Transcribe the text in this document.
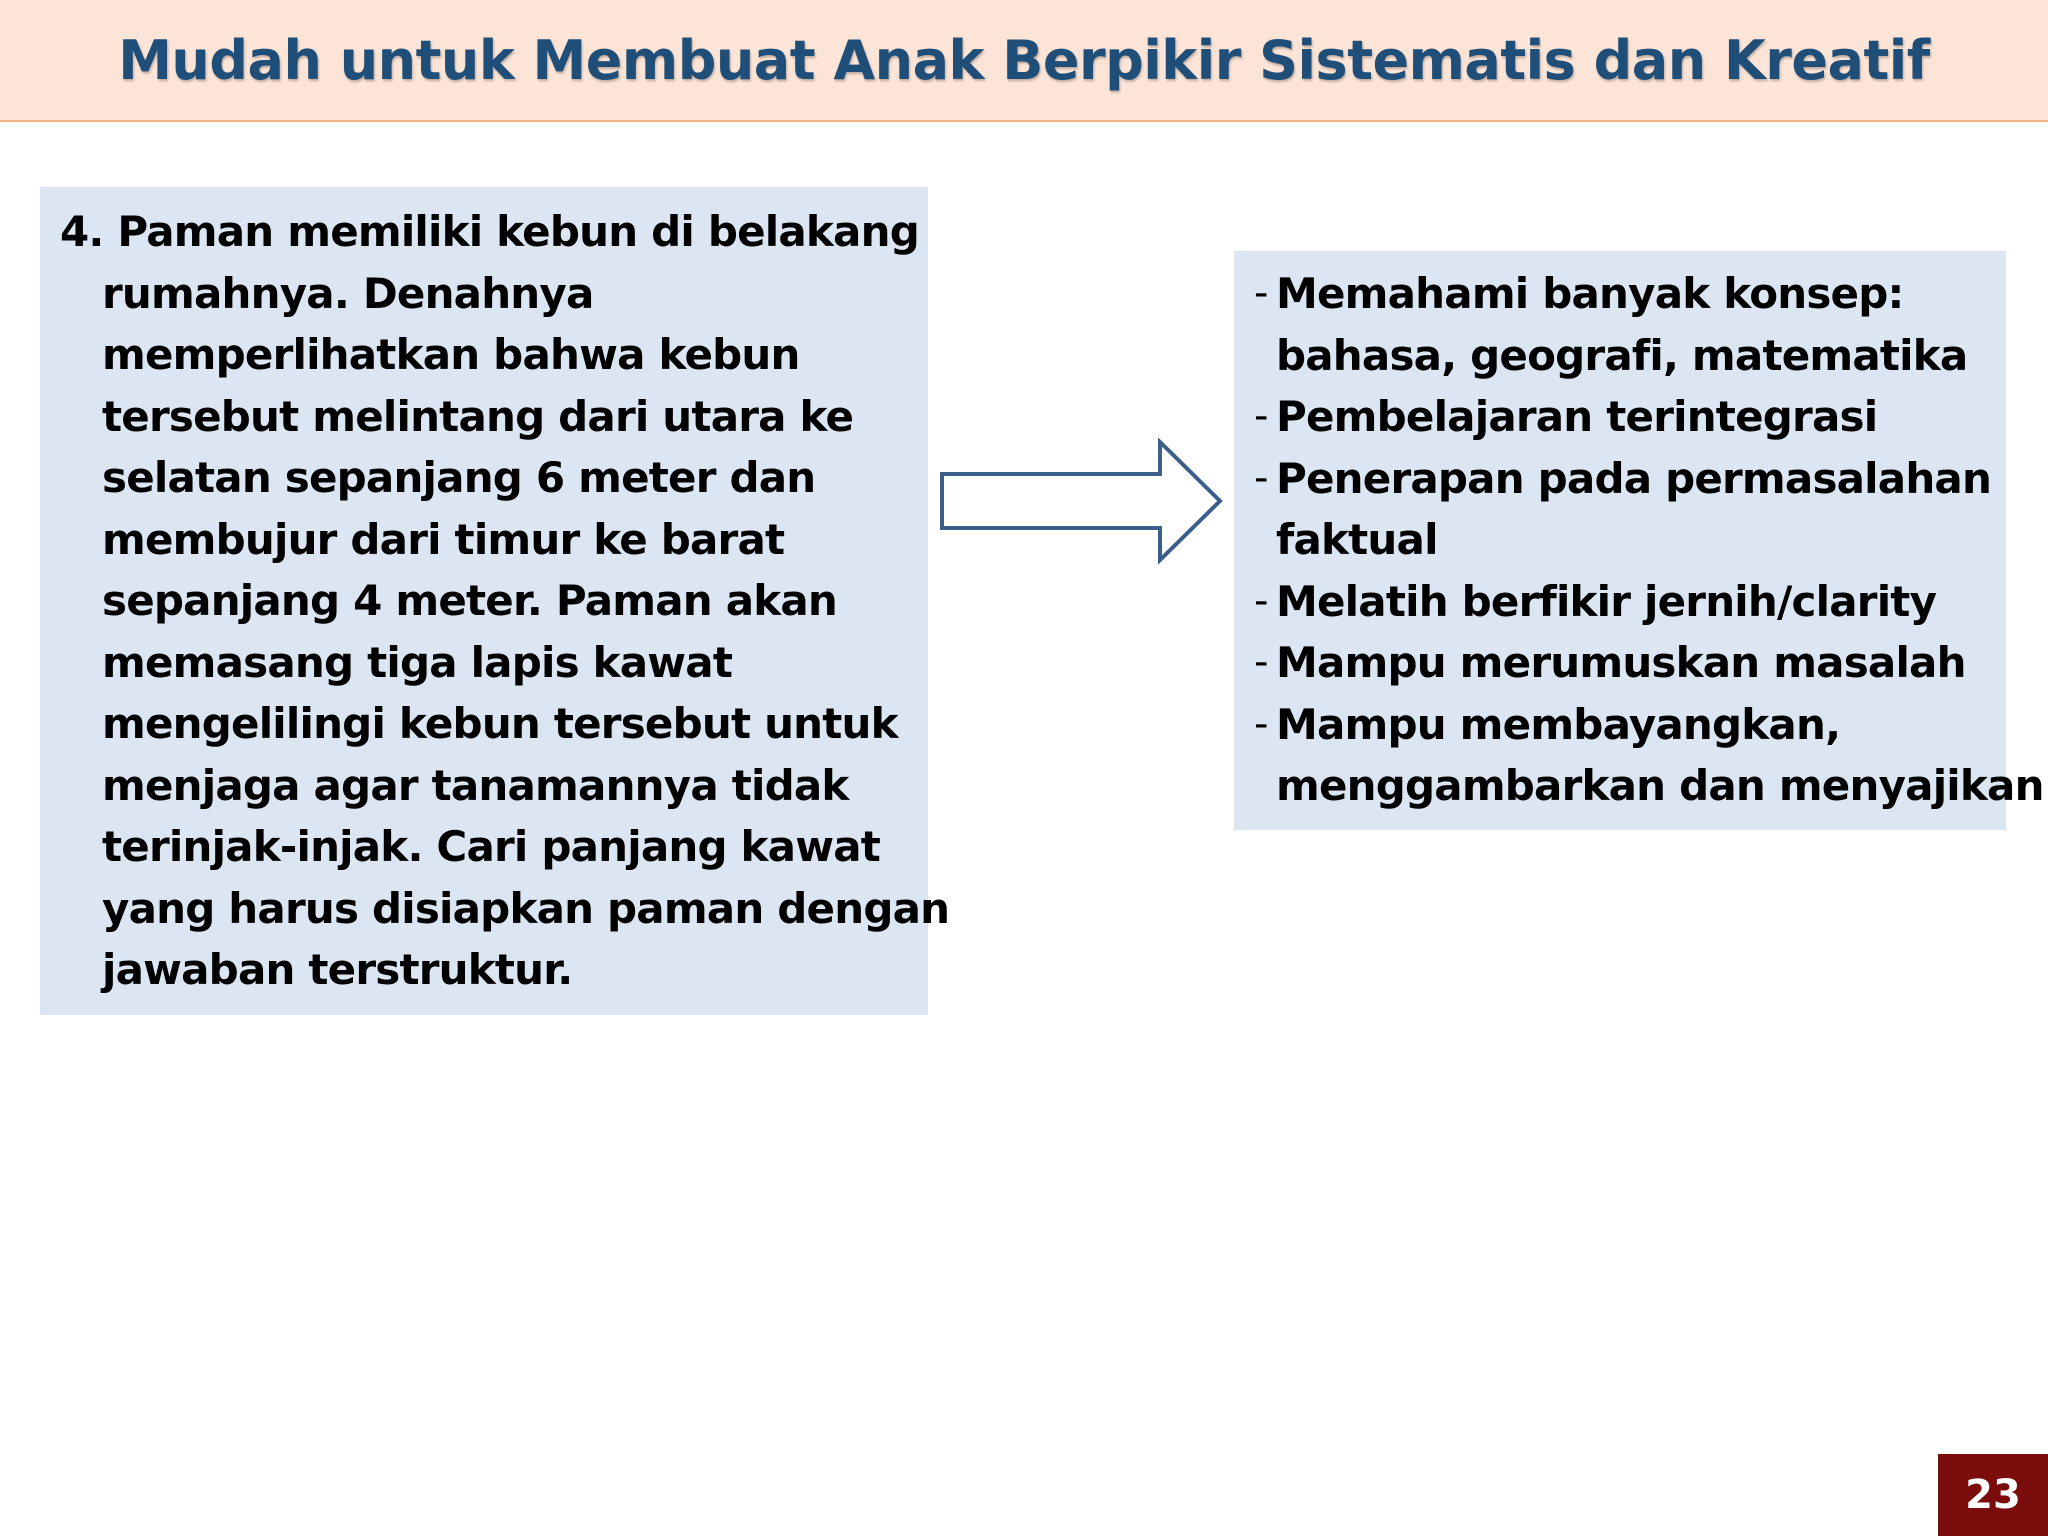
Mudah untuk Membuat Anak Berpikir Sistematis dan Kreatif
4. Paman memiliki kebun di belakang
rumahnya. Denahnya
memperlihatkan bahwa kebun
tersebut melintang dari utara ke
selatan sepanjang 6 meter dan
membujur dari timur ke barat
sepanjang 4 meter. Paman akan
memasang tiga lapis kawat
mengelilingi kebun tersebut untuk
menjaga agar tanamannya tidak
terinjak-injak. Cari panjang kawat
yang harus disiapkan paman dengan
jawaban terstruktur.
- Memahami banyak konsep:
bahasa, geografi, matematika
- Pembelajaran terintegrasi
- Penerapan pada permasalahan
faktual
- Melatih berfikir jernih/clarity
- Mampu merumuskan masalah
- Mampu membayangkan,
menggambarkan dan menyajikan
23
